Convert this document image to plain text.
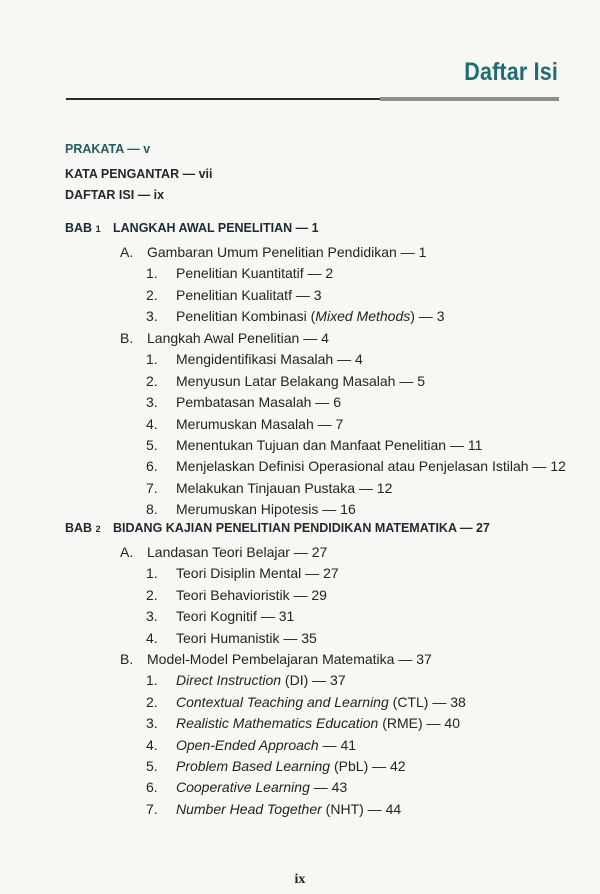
Daftar Isi
PRAKATA — v
KATA PENGANTAR — vii
DAFTAR ISI — ix
BAB 1 LANGKAH AWAL PENELITIAN — 1
A. Gambaran Umum Penelitian Pendidikan — 1
1. Penelitian Kuantitatif — 2
2. Penelitian Kualitatf — 3
3. Penelitian Kombinasi (Mixed Methods) — 3
B. Langkah Awal Penelitian — 4
1. Mengidentifikasi Masalah — 4
2. Menyusun Latar Belakang Masalah — 5
3. Pembatasan Masalah — 6
4. Merumuskan Masalah — 7
5. Menentukan Tujuan dan Manfaat Penelitian — 11
6. Menjelaskan Definisi Operasional atau Penjelasan Istilah — 12
7. Melakukan Tinjauan Pustaka — 12
8. Merumuskan Hipotesis — 16
BAB 2 BIDANG KAJIAN PENELITIAN PENDIDIKAN MATEMATIKA — 27
A. Landasan Teori Belajar — 27
1. Teori Disiplin Mental — 27
2. Teori Behavioristik — 29
3. Teori Kognitif — 31
4. Teori Humanistik — 35
B. Model-Model Pembelajaran Matematika — 37
1. Direct Instruction (DI) — 37
2. Contextual Teaching and Learning (CTL) — 38
3. Realistic Mathematics Education (RME) — 40
4. Open-Ended Approach — 41
5. Problem Based Learning (PbL) — 42
6. Cooperative Learning — 43
7. Number Head Together (NHT) — 44
ix
